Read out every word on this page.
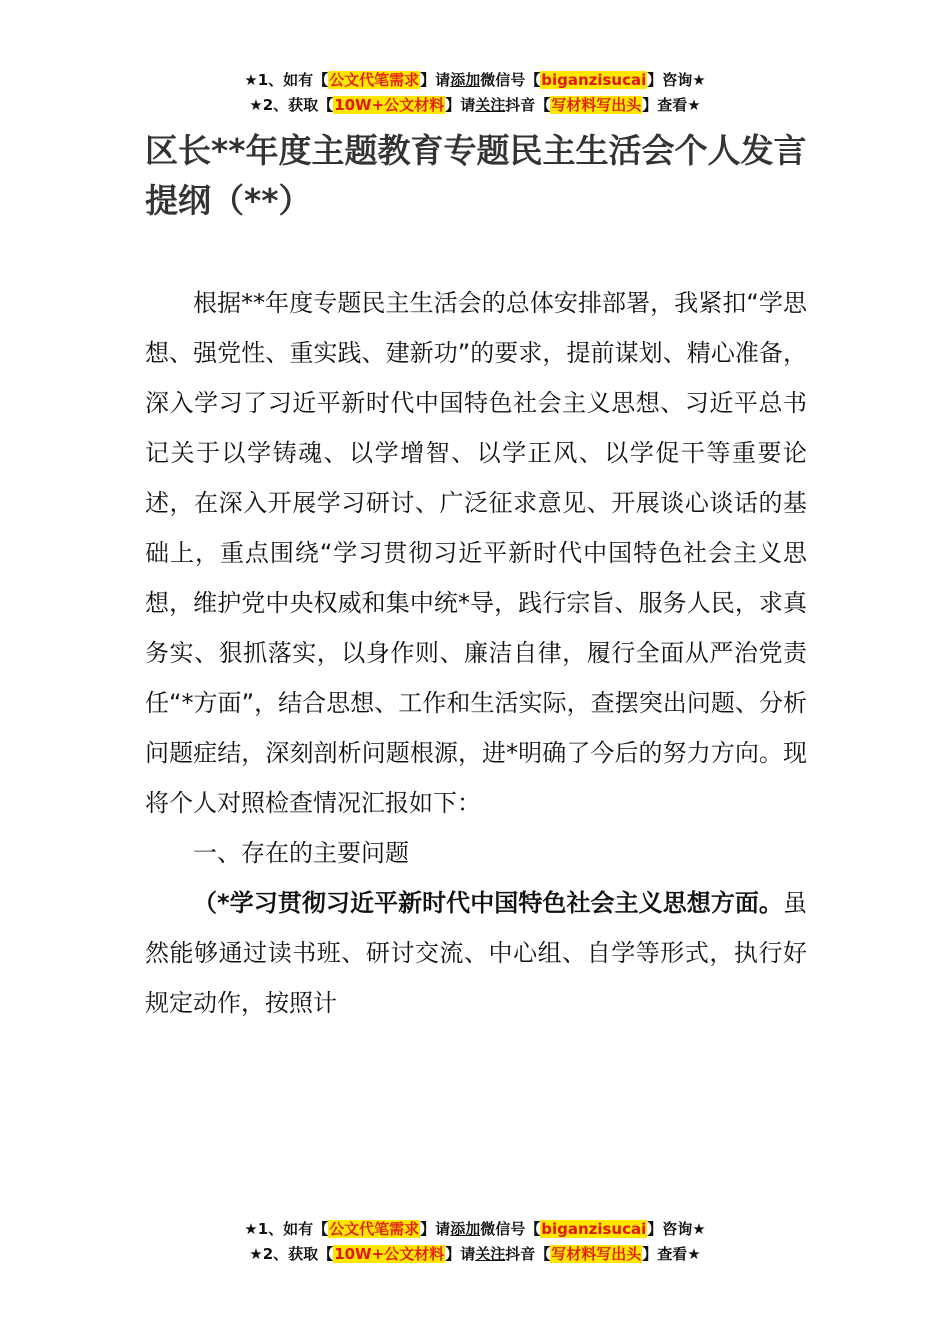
★1、如有【公文代笔需求】请添加微信号【biganzisucai】咨询★
★2、获取【10W+公文材料】请关注抖音【写材料写出头】查看★
区长**年度主题教育专题民主生活会个人发言提纲（**）

根据**年度专题民主生活会的总体安排部署，我紧扣“学思想、强党性、重实践、建新功”的要求，提前谋划、精心准备，深入学习了习近平新时代中国特色社会主义思想、习近平总书记关于以学铸魂、以学增智、以学正风、以学促干等重要论述，在深入开展学习研讨、广泛征求意见、开展谈心谈话的基础上，重点围绕“学习贯彻习近平新时代中国特色社会主义思想，维护党中央权威和集中统*导，践行宗旨、服务人民，求真务实、狠抓落实，以身作则、廉洁自律，履行全面从严治党责任“*方面”，结合思想、工作和生活实际，查摆突出问题、分析问题症结，深刻剖析问题根源，进*明确了今后的努力方向。现将个人对照检查情况汇报如下：

一、存在的主要问题

（*学习贯彻习近平新时代中国特色社会主义思想方面。虽然能够通过读书班、研讨交流、中心组、自学等形式，执行好规定动作，按照计

★1、如有【公文代笔需求】请添加微信号【biganzisucai】咨询★
★2、获取【10W+公文材料】请关注抖音【写材料写出头】查看★
